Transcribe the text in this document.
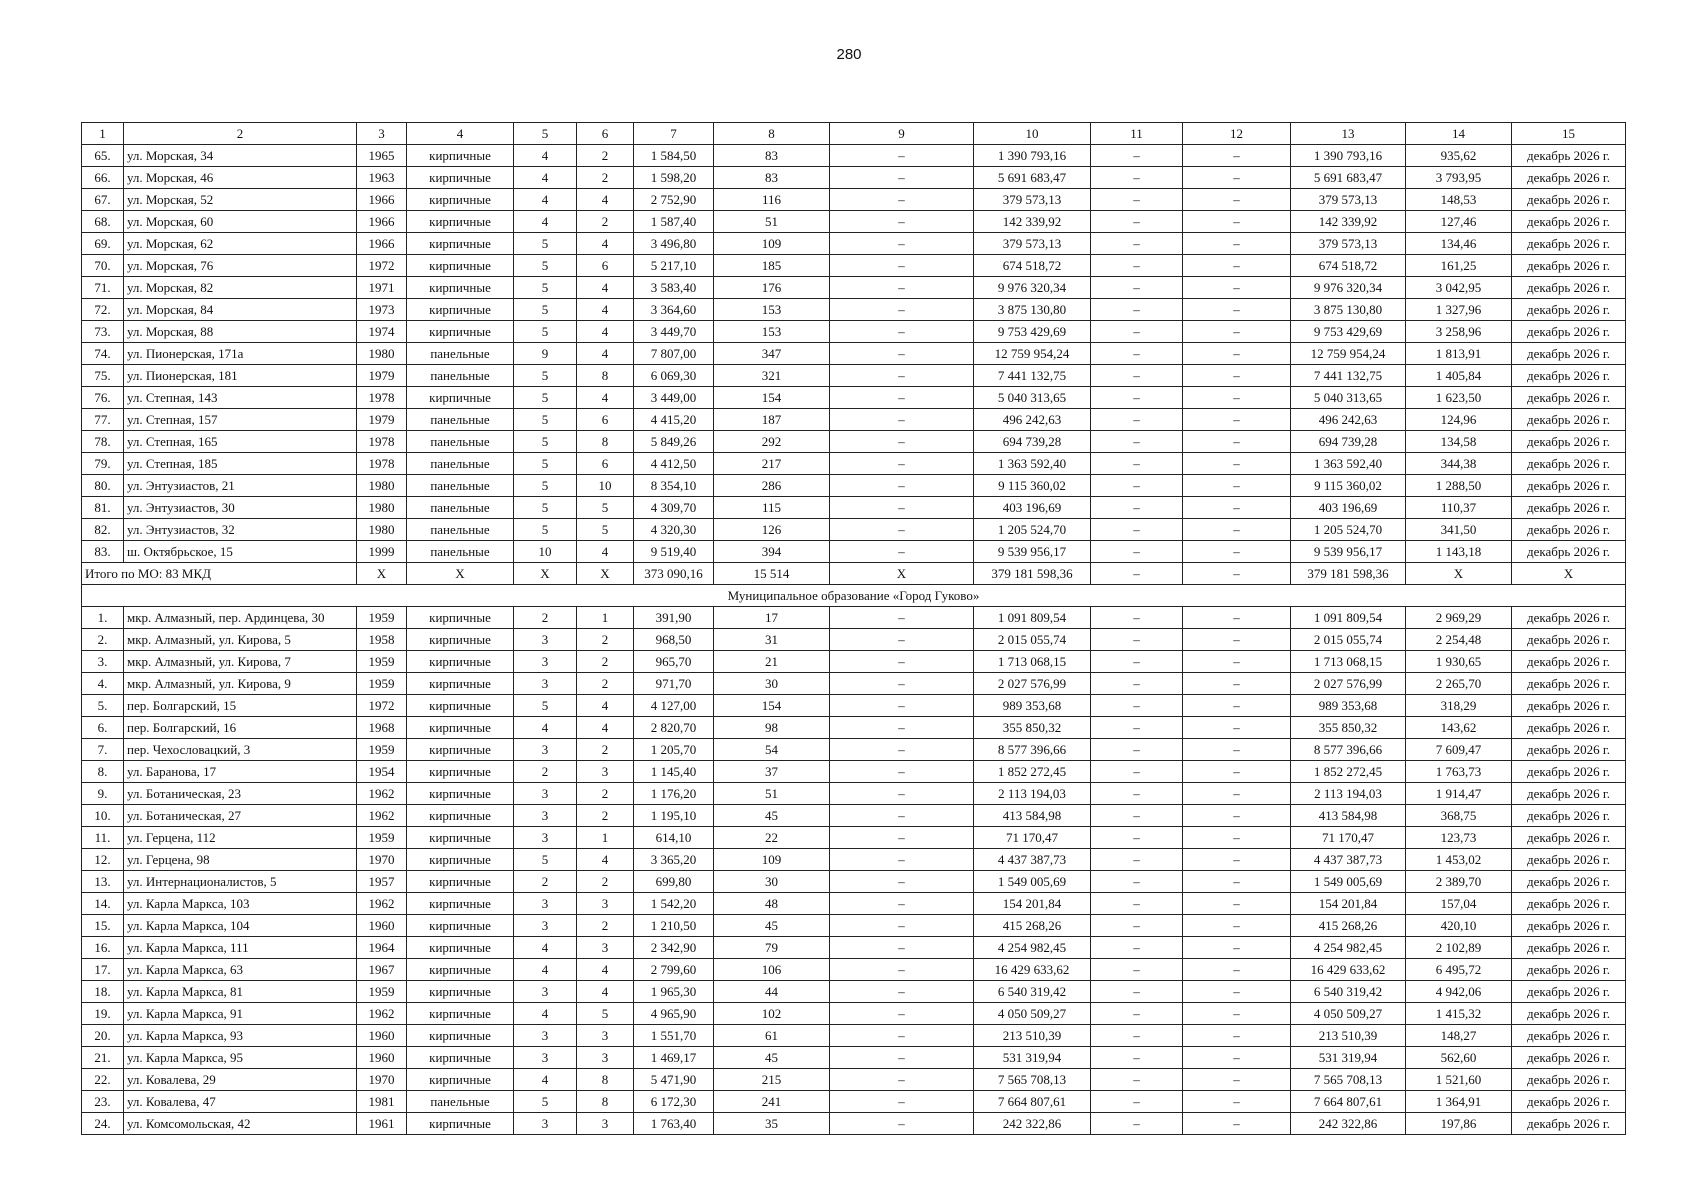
280
1	2	3	4	5	6	7	8	9	10	11	12	13	14	15
65.	ул. Морская, 34	1965	кирпичные	4	2	1 584,50	83	–	1 390 793,16	–	–	1 390 793,16	935,62	декабрь 2026 г.
66.	ул. Морская, 46	1963	кирпичные	4	2	1 598,20	83	–	5 691 683,47	–	–	5 691 683,47	3 793,95	декабрь 2026 г.
67.	ул. Морская, 52	1966	кирпичные	4	4	2 752,90	116	–	379 573,13	–	–	379 573,13	148,53	декабрь 2026 г.
68.	ул. Морская, 60	1966	кирпичные	4	2	1 587,40	51	–	142 339,92	–	–	142 339,92	127,46	декабрь 2026 г.
69.	ул. Морская, 62	1966	кирпичные	5	4	3 496,80	109	–	379 573,13	–	–	379 573,13	134,46	декабрь 2026 г.
70.	ул. Морская, 76	1972	кирпичные	5	6	5 217,10	185	–	674 518,72	–	–	674 518,72	161,25	декабрь 2026 г.
71.	ул. Морская, 82	1971	кирпичные	5	4	3 583,40	176	–	9 976 320,34	–	–	9 976 320,34	3 042,95	декабрь 2026 г.
72.	ул. Морская, 84	1973	кирпичные	5	4	3 364,60	153	–	3 875 130,80	–	–	3 875 130,80	1 327,96	декабрь 2026 г.
73.	ул. Морская, 88	1974	кирпичные	5	4	3 449,70	153	–	9 753 429,69	–	–	9 753 429,69	3 258,96	декабрь 2026 г.
74.	ул. Пионерская, 171а	1980	панельные	9	4	7 807,00	347	–	12 759 954,24	–	–	12 759 954,24	1 813,91	декабрь 2026 г.
75.	ул. Пионерская, 181	1979	панельные	5	8	6 069,30	321	–	7 441 132,75	–	–	7 441 132,75	1 405,84	декабрь 2026 г.
76.	ул. Степная, 143	1978	кирпичные	5	4	3 449,00	154	–	5 040 313,65	–	–	5 040 313,65	1 623,50	декабрь 2026 г.
77.	ул. Степная, 157	1979	панельные	5	6	4 415,20	187	–	496 242,63	–	–	496 242,63	124,96	декабрь 2026 г.
78.	ул. Степная, 165	1978	панельные	5	8	5 849,26	292	–	694 739,28	–	–	694 739,28	134,58	декабрь 2026 г.
79.	ул. Степная, 185	1978	панельные	5	6	4 412,50	217	–	1 363 592,40	–	–	1 363 592,40	344,38	декабрь 2026 г.
80.	ул. Энтузиастов, 21	1980	панельные	5	10	8 354,10	286	–	9 115 360,02	–	–	9 115 360,02	1 288,50	декабрь 2026 г.
81.	ул. Энтузиастов, 30	1980	панельные	5	5	4 309,70	115	–	403 196,69	–	–	403 196,69	110,37	декабрь 2026 г.
82.	ул. Энтузиастов, 32	1980	панельные	5	5	4 320,30	126	–	1 205 524,70	–	–	1 205 524,70	341,50	декабрь 2026 г.
83.	ш. Октябрьское, 15	1999	панельные	10	4	9 519,40	394	–	9 539 956,17	–	–	9 539 956,17	1 143,18	декабрь 2026 г.
Итого по МО: 83 МКД		X	X	X	X	373 090,16	15 514	X	379 181 598,36	–	–	379 181 598,36	X	X
Муниципальное образование «Город Гуково»														
1.	мкр. Алмазный, пер. Ардинцева, 30	1959	кирпичные	2	1	391,90	17	–	1 091 809,54	–	–	1 091 809,54	2 969,29	декабрь 2026 г.
2.	мкр. Алмазный, ул. Кирова, 5	1958	кирпичные	3	2	968,50	31	–	2 015 055,74	–	–	2 015 055,74	2 254,48	декабрь 2026 г.
3.	мкр. Алмазный, ул. Кирова, 7	1959	кирпичные	3	2	965,70	21	–	1 713 068,15	–	–	1 713 068,15	1 930,65	декабрь 2026 г.
4.	мкр. Алмазный, ул. Кирова, 9	1959	кирпичные	3	2	971,70	30	–	2 027 576,99	–	–	2 027 576,99	2 265,70	декабрь 2026 г.
5.	пер. Болгарский, 15	1972	кирпичные	5	4	4 127,00	154	–	989 353,68	–	–	989 353,68	318,29	декабрь 2026 г.
6.	пер. Болгарский, 16	1968	кирпичные	4	4	2 820,70	98	–	355 850,32	–	–	355 850,32	143,62	декабрь 2026 г.
7.	пер. Чехословацкий, 3	1959	кирпичные	3	2	1 205,70	54	–	8 577 396,66	–	–	8 577 396,66	7 609,47	декабрь 2026 г.
8.	ул. Баранова, 17	1954	кирпичные	2	3	1 145,40	37	–	1 852 272,45	–	–	1 852 272,45	1 763,73	декабрь 2026 г.
9.	ул. Ботаническая, 23	1962	кирпичные	3	2	1 176,20	51	–	2 113 194,03	–	–	2 113 194,03	1 914,47	декабрь 2026 г.
10.	ул. Ботаническая, 27	1962	кирпичные	3	2	1 195,10	45	–	413 584,98	–	–	413 584,98	368,75	декабрь 2026 г.
11.	ул. Герцена, 112	1959	кирпичные	3	1	614,10	22	–	71 170,47	–	–	71 170,47	123,73	декабрь 2026 г.
12.	ул. Герцена, 98	1970	кирпичные	5	4	3 365,20	109	–	4 437 387,73	–	–	4 437 387,73	1 453,02	декабрь 2026 г.
13.	ул. Интернационалистов, 5	1957	кирпичные	2	2	699,80	30	–	1 549 005,69	–	–	1 549 005,69	2 389,70	декабрь 2026 г.
14.	ул. Карла Маркса, 103	1962	кирпичные	3	3	1 542,20	48	–	154 201,84	–	–	154 201,84	157,04	декабрь 2026 г.
15.	ул. Карла Маркса, 104	1960	кирпичные	3	2	1 210,50	45	–	415 268,26	–	–	415 268,26	420,10	декабрь 2026 г.
16.	ул. Карла Маркса, 111	1964	кирпичные	4	3	2 342,90	79	–	4 254 982,45	–	–	4 254 982,45	2 102,89	декабрь 2026 г.
17.	ул. Карла Маркса, 63	1967	кирпичные	4	4	2 799,60	106	–	16 429 633,62	–	–	16 429 633,62	6 495,72	декабрь 2026 г.
18.	ул. Карла Маркса, 81	1959	кирпичные	3	4	1 965,30	44	–	6 540 319,42	–	–	6 540 319,42	4 942,06	декабрь 2026 г.
19.	ул. Карла Маркса, 91	1962	кирпичные	4	5	4 965,90	102	–	4 050 509,27	–	–	4 050 509,27	1 415,32	декабрь 2026 г.
20.	ул. Карла Маркса, 93	1960	кирпичные	3	3	1 551,70	61	–	213 510,39	–	–	213 510,39	148,27	декабрь 2026 г.
21.	ул. Карла Маркса, 95	1960	кирпичные	3	3	1 469,17	45	–	531 319,94	–	–	531 319,94	562,60	декабрь 2026 г.
22.	ул. Ковалева, 29	1970	кирпичные	4	8	5 471,90	215	–	7 565 708,13	–	–	7 565 708,13	1 521,60	декабрь 2026 г.
23.	ул. Ковалева, 47	1981	панельные	5	8	6 172,30	241	–	7 664 807,61	–	–	7 664 807,61	1 364,91	декабрь 2026 г.
24.	ул. Комсомольская, 42	1961	кирпичные	3	3	1 763,40	35	–	242 322,86	–	–	242 322,86	197,86	декабрь 2026 г.
